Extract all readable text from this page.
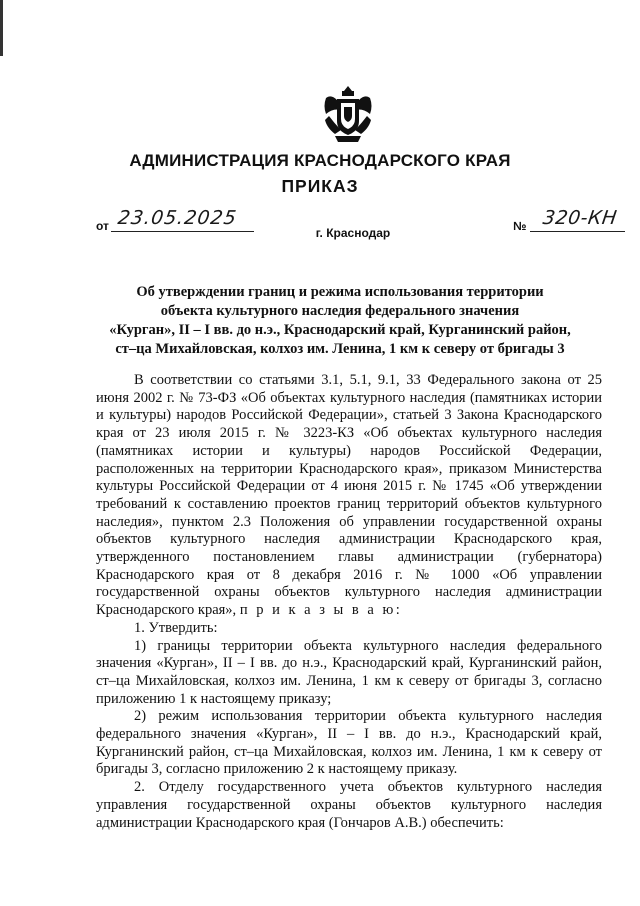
АДМИНИСТРАЦИЯ КРАСНОДАРСКОГО КРАЯ
ПРИКАЗ
от 23.05.2025	№ 320-КН
г. Краснодар
Об утверждении границ и режима использования территории
объекта культурного наследия федерального значения
«Курган», II – I вв. до н.э., Краснодарский край, Курганинский район,
ст–ца Михайловская, колхоз им. Ленина, 1 км к северу от бригады 3

В соответствии со статьями 3.1, 5.1, 9.1, 33 Федерального закона от 25 июня 2002 г. № 73-ФЗ «Об объектах культурного наследия (памятниках истории и культуры) народов Российской Федерации», статьей 3 Закона Краснодарского края от 23 июля 2015 г. № 3223-КЗ «Об объектах культурного наследия (памятниках истории и культуры) народов Российской Федерации, расположенных на территории Краснодарского края», приказом Министерства культуры Российской Федерации от 4 июня 2015 г. № 1745 «Об утверждении требований к составлению проектов границ территорий объектов культурного наследия», пунктом 2.3 Положения об управлении государственной охраны объектов культурного наследия администрации Краснодарского края, утвержденного постановлением главы администрации (губернатора) Краснодарского края от 8 декабря 2016 г. № 1000 «Об управлении государственной охраны объектов культурного наследия администрации Краснодарского края», п р и к а з ы в а ю:

1. Утвердить:

1) границы территории объекта культурного наследия федерального значения «Курган», II – I вв. до н.э., Краснодарский край, Курганинский район, ст–ца Михайловская, колхоз им. Ленина, 1 км к северу от бригады 3, согласно приложению 1 к настоящему приказу;

2) режим использования территории объекта культурного наследия федерального значения «Курган», II – I вв. до н.э., Краснодарский край, Курганинский район, ст–ца Михайловская, колхоз им. Ленина, 1 км к северу от бригады 3, согласно приложению 2 к настоящему приказу.

2. Отделу государственного учета объектов культурного наследия управления государственной охраны объектов культурного наследия администрации Краснодарского края (Гончаров А.В.) обеспечить:
